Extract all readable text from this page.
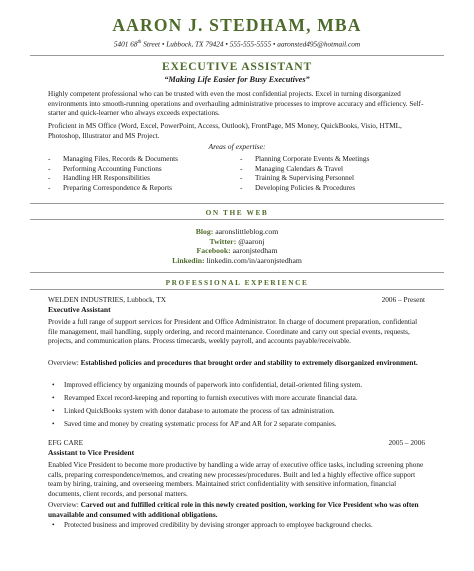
AARON J. STEDHAM, MBA
5401 68th Street • Lubbock, TX 79424 • 555-555-5555 • aaronsted495@hotmail.com
EXECUTIVE ASSISTANT
“Making Life Easier for Busy Executives”
Highly competent professional who can be trusted with even the most confidential projects. Excel in turning disorganized environments into smooth-running operations and overhauling administrative processes to improve accuracy and efficiency. Self-starter and quick-learner who always exceeds expectations.
Proficient in MS Office (Word, Excel, PowerPoint, Access, Outlook), FrontPage, MS Money, QuickBooks, Visio, HTML, Photoshop, Illustrator and MS Project.
Areas of expertise:
- Managing Files, Records & Documents
- Performing Accounting Functions
- Handling HR Responsibilities
- Preparing Correspondence & Reports
- Planning Corporate Events & Meetings
- Managing Calendars & Travel
- Training & Supervising Personnel
- Developing Policies & Procedures
ON THE WEB
Blog: aaronslittleblog.com
Twitter: @aaronj
Facebook: aaronjstedham
Linkedin: linkedin.com/in/aaronjstedham
PROFESSIONAL EXPERIENCE
WELDEN INDUSTRIES, Lubbock, TX	2006 – Present
Executive Assistant
Provide a full range of support services for President and Office Administrator. In charge of document preparation, confidential file management, mail handling, supply ordering, and record maintenance. Coordinate and carry out special events, requests, projects, and communication plans. Process timecards, weekly payroll, and accounts payable/receivable.
Overview: Established policies and procedures that brought order and stability to extremely disorganized environment.
• Improved efficiency by organizing mounds of paperwork into confidential, detail-oriented filing system.
• Revamped Excel record-keeping and reporting to furnish executives with more accurate financial data.
• Linked QuickBooks system with donor database to automate the process of tax administration.
• Saved time and money by creating systematic process for AP and AR for 2 separate companies.
EFG CARE	2005 – 2006
Assistant to Vice President
Enabled Vice President to become more productive by handling a wide array of executive office tasks, including screening phone calls, preparing correspondence/memos, and creating new processes/procedures. Built and led a highly effective office support team by hiring, training, and overseeing members. Maintained strict confidentiality with sensitive information, financial documents, client records, and personal matters.
Overview: Carved out and fulfilled critical role in this newly created position, working for Vice President who was often unavailable and consumed with additional obligations.
• Protected business and improved credibility by devising stronger approach to employee background checks.
